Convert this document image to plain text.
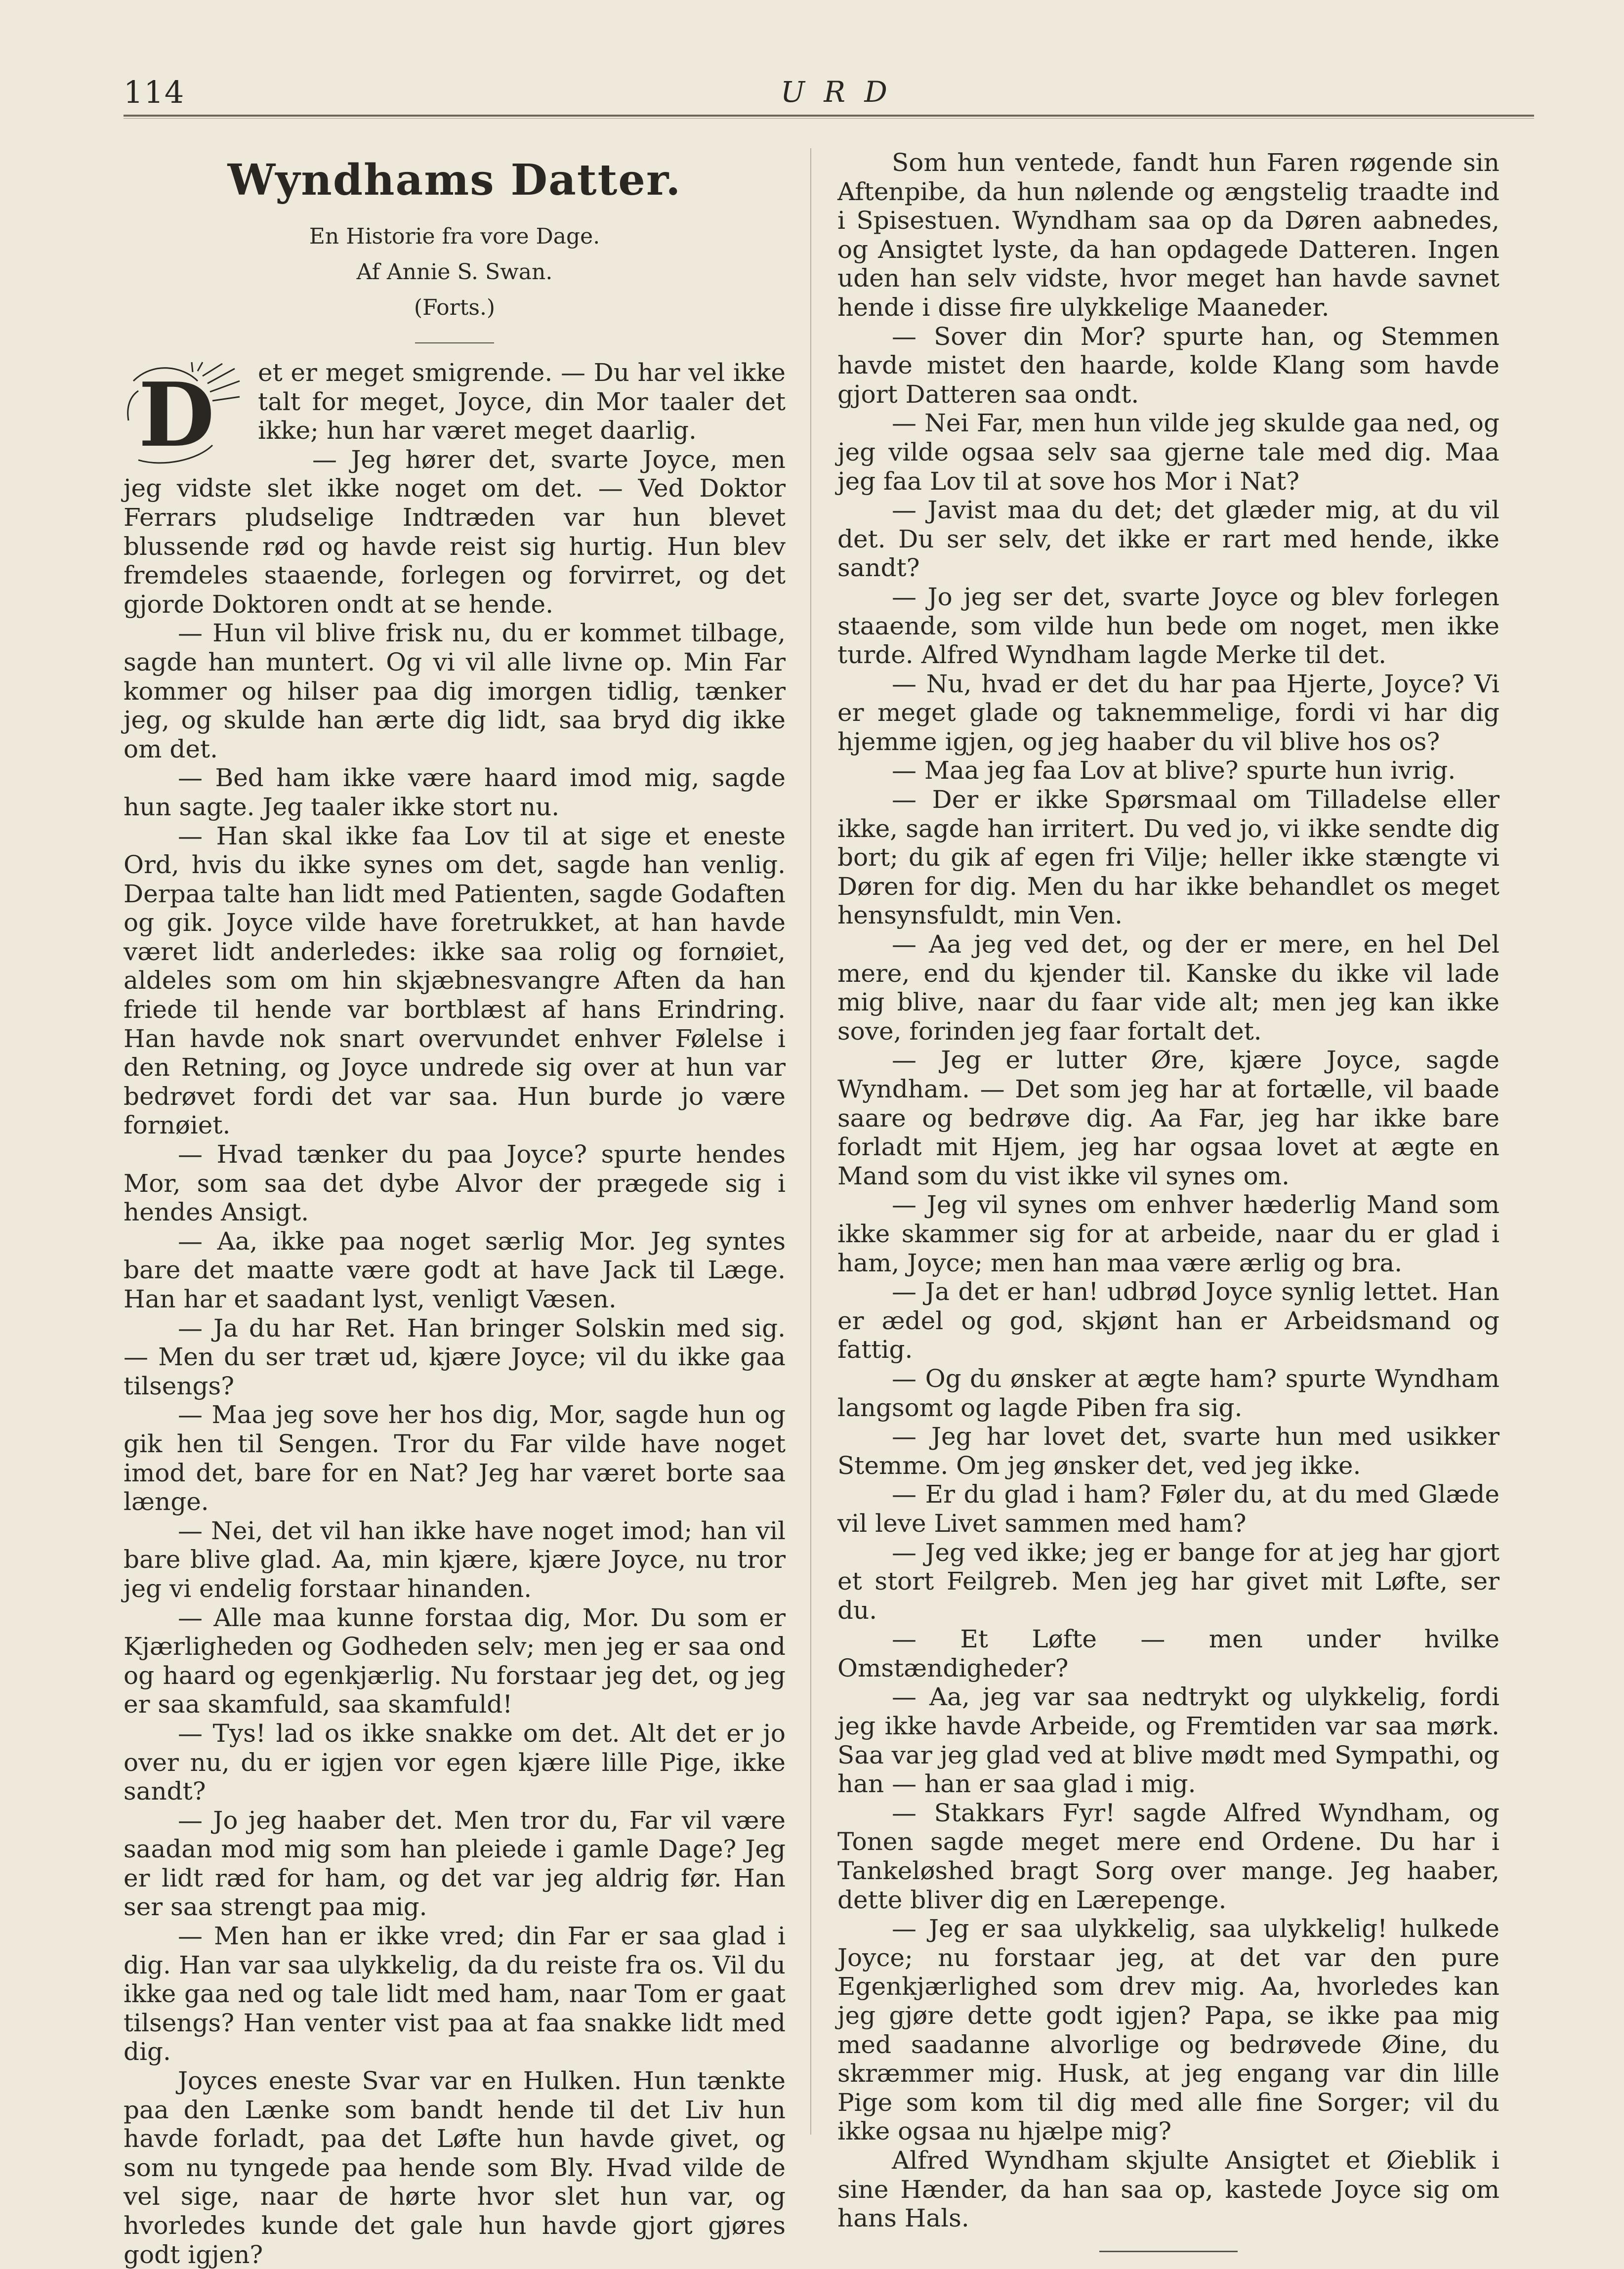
114	U R D
Wyndhams Datter.

En Historie fra vore Dage.

Af Annie S. Swan.

(Forts.)

D et er meget smigrende. — Du har vel ikke talt for meget, Joyce, din Mor taaler det ikke; hun har været meget daarlig.

— Jeg hører det, svarte Joyce, men jeg vidste slet ikke noget om det. — Ved Doktor Ferrars pludselige Indtræden var hun blevet blussende rød og havde reist sig hurtig. Hun blev fremdeles staaende, forlegen og forvirret, og det gjorde Doktoren ondt at se hende.

— Hun vil blive frisk nu, du er kommet tilbage, sagde han muntert. Og vi vil alle livne op. Min Far kommer og hilser paa dig imorgen tidlig, tænker jeg, og skulde han ærte dig lidt, saa bryd dig ikke om det.

— Bed ham ikke være haard imod mig, sagde hun sagte. Jeg taaler ikke stort nu.

— Han skal ikke faa Lov til at sige et eneste Ord, hvis du ikke synes om det, sagde han venlig. Derpaa talte han lidt med Patienten, sagde Godaften og gik. Joyce vilde have foretrukket, at han havde været lidt anderledes: ikke saa rolig og fornøiet, aldeles som om hin skjæbnesvangre Aften da han friede til hende var bortblæst af hans Erindring. Han havde nok snart overvundet enhver Følelse i den Retning, og Joyce undrede sig over at hun var bedrøvet fordi det var saa. Hun burde jo være fornøiet.

— Hvad tænker du paa Joyce? spurte hendes Mor, som saa det dybe Alvor der prægede sig i hendes Ansigt.

— Aa, ikke paa noget særlig Mor. Jeg syntes bare det maatte være godt at have Jack til Læge. Han har et saadant lyst, venligt Væsen.

— Ja du har Ret. Han bringer Solskin med sig. — Men du ser træt ud, kjære Joyce; vil du ikke gaa tilsengs?

— Maa jeg sove her hos dig, Mor, sagde hun og gik hen til Sengen. Tror du Far vilde have noget imod det, bare for en Nat? Jeg har været borte saa længe.

— Nei, det vil han ikke have noget imod; han vil bare blive glad. Aa, min kjære, kjære Joyce, nu tror jeg vi endelig forstaar hinanden.

— Alle maa kunne forstaa dig, Mor. Du som er Kjærligheden og Godheden selv; men jeg er saa ond og haard og egenkjærlig. Nu forstaar jeg det, og jeg er saa skamfuld, saa skamfuld!

— Tys! lad os ikke snakke om det. Alt det er jo over nu, du er igjen vor egen kjære lille Pige, ikke sandt?

— Jo jeg haaber det. Men tror du, Far vil være saadan mod mig som han pleiede i gamle Dage? Jeg er lidt ræd for ham, og det var jeg aldrig før. Han ser saa strengt paa mig.

— Men han er ikke vred; din Far er saa glad i dig. Han var saa ulykkelig, da du reiste fra os. Vil du ikke gaa ned og tale lidt med ham, naar Tom er gaat tilsengs? Han venter vist paa at faa snakke lidt med dig.

Joyces eneste Svar var en Hulken. Hun tænkte paa den Lænke som bandt hende til det Liv hun havde forladt, paa det Løfte hun havde givet, og som nu tyngede paa hende som Bly. Hvad vilde de vel sige, naar de hørte hvor slet hun var, og hvorledes kunde det gale hun havde gjort gjøres godt igjen?

Som hun ventede, fandt hun Faren røgende sin Aftenpibe, da hun nølende og ængstelig traadte ind i Spisestuen. Wyndham saa op da Døren aabnedes, og Ansigtet lyste, da han opdagede Datteren. Ingen uden han selv vidste, hvor meget han havde savnet hende i disse fire ulykkelige Maaneder.

— Sover din Mor? spurte han, og Stemmen havde mistet den haarde, kolde Klang som havde gjort Datteren saa ondt.

— Nei Far, men hun vilde jeg skulde gaa ned, og jeg vilde ogsaa selv saa gjerne tale med dig. Maa jeg faa Lov til at sove hos Mor i Nat?

— Javist maa du det; det glæder mig, at du vil det. Du ser selv, det ikke er rart med hende, ikke sandt?

— Jo jeg ser det, svarte Joyce og blev forlegen staaende, som vilde hun bede om noget, men ikke turde. Alfred Wyndham lagde Merke til det.

— Nu, hvad er det du har paa Hjerte, Joyce? Vi er meget glade og taknemmelige, fordi vi har dig hjemme igjen, og jeg haaber du vil blive hos os?

— Maa jeg faa Lov at blive? spurte hun ivrig.

— Der er ikke Spørsmaal om Tilladelse eller ikke, sagde han irritert. Du ved jo, vi ikke sendte dig bort; du gik af egen fri Vilje; heller ikke stængte vi Døren for dig. Men du har ikke behandlet os meget hensynsfuldt, min Ven.

— Aa jeg ved det, og der er mere, en hel Del mere, end du kjender til. Kanske du ikke vil lade mig blive, naar du faar vide alt; men jeg kan ikke sove, forinden jeg faar fortalt det.

— Jeg er lutter Øre, kjære Joyce, sagde Wyndham. — Det som jeg har at fortælle, vil baade saare og bedrøve dig. Aa Far, jeg har ikke bare forladt mit Hjem, jeg har ogsaa lovet at ægte en Mand som du vist ikke vil synes om.

— Jeg vil synes om enhver hæderlig Mand som ikke skammer sig for at arbeide, naar du er glad i ham, Joyce; men han maa være ærlig og bra.

— Ja det er han! udbrød Joyce synlig lettet. Han er ædel og god, skjønt han er Arbeidsmand og fattig.

— Og du ønsker at ægte ham? spurte Wyndham langsomt og lagde Piben fra sig.

— Jeg har lovet det, svarte hun med usikker Stemme. Om jeg ønsker det, ved jeg ikke.

— Er du glad i ham? Føler du, at du med Glæde vil leve Livet sammen med ham?

— Jeg ved ikke; jeg er bange for at jeg har gjort et stort Feilgreb. Men jeg har givet mit Løfte, ser du.

— Et Løfte — men under hvilke Omstændigheder?

— Aa, jeg var saa nedtrykt og ulykkelig, fordi jeg ikke havde Arbeide, og Fremtiden var saa mørk. Saa var jeg glad ved at blive mødt med Sympathi, og han — han er saa glad i mig.

— Stakkars Fyr! sagde Alfred Wyndham, og Tonen sagde meget mere end Ordene. Du har i Tankeløshed bragt Sorg over mange. Jeg haaber, dette bliver dig en Lærepenge.

— Jeg er saa ulykkelig, saa ulykkelig! hulkede Joyce; nu forstaar jeg, at det var den pure Egenkjærlighed som drev mig. Aa, hvorledes kan jeg gjøre dette godt igjen? Papa, se ikke paa mig med saadanne alvorlige og bedrøvede Øine, du skræmmer mig. Husk, at jeg engang var din lille Pige som kom til dig med alle fine Sorger; vil du ikke ogsaa nu hjælpe mig?

Alfred Wyndham skjulte Ansigtet et Øieblik i sine Hænder, da han saa op, kastede Joyce sig om hans Hals.
